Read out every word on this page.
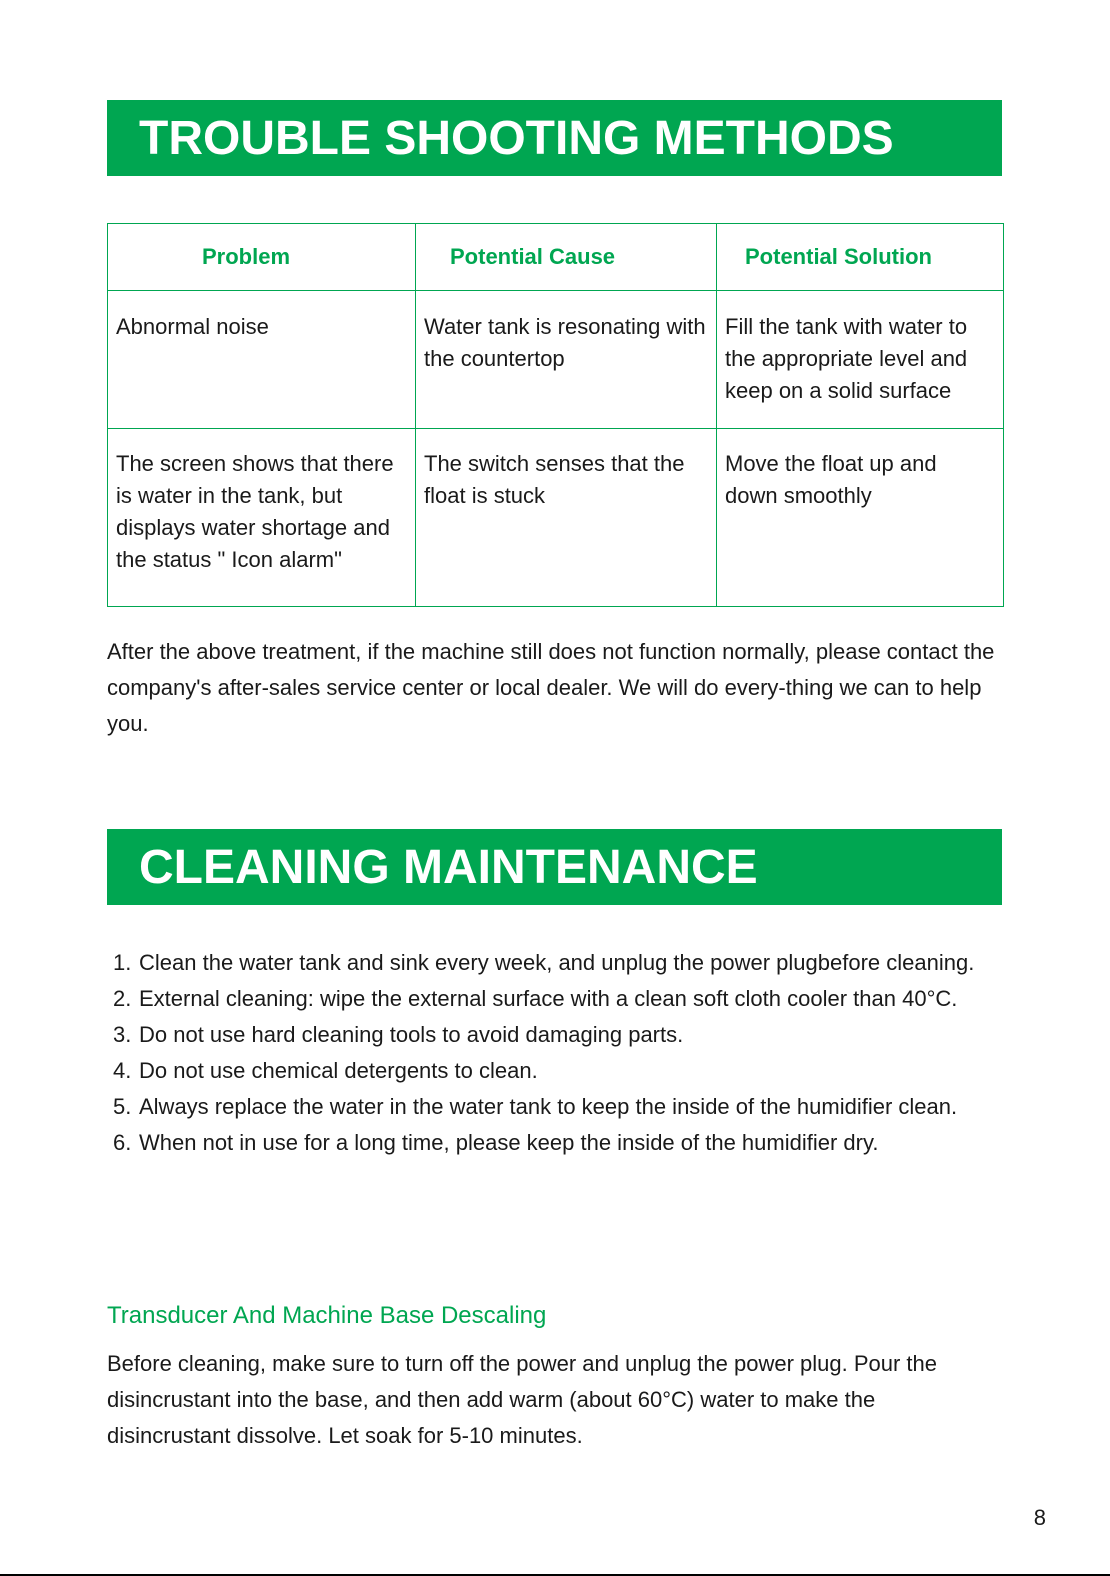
TROUBLE SHOOTING METHODS
Problem	Potential Cause	Potential Solution
Abnormal noise	Water tank is resonating with the countertop	Fill the tank with water to the appropriate level and keep on a solid surface
The screen shows that there is water in the tank, but displays water shortage and the status " Icon alarm"	The switch senses that the float is stuck	Move the float up and down smoothly

After the above treatment, if the machine still does not function normally, please contact the company's after-sales service center or local dealer. We will do every-thing we can to help you.

CLEANING MAINTENANCE
1. Clean the water tank and sink every week, and unplug the power plugbefore cleaning.
2. External cleaning: wipe the external surface with a clean soft cloth cooler than 40°C.
3. Do not use hard cleaning tools to avoid damaging parts.
4. Do not use chemical detergents to clean.
5. Always replace the water in the water tank to keep the inside of the humidifier clean.
6. When not in use for a long time, please keep the inside of the humidifier dry.
Transducer And Machine Base Descaling

Before cleaning, make sure to turn off the power and unplug the power plug. Pour the disincrustant into the base, and then add warm (about 60°C) water to make the disincrustant dissolve. Let soak for 5-10 minutes.

8
